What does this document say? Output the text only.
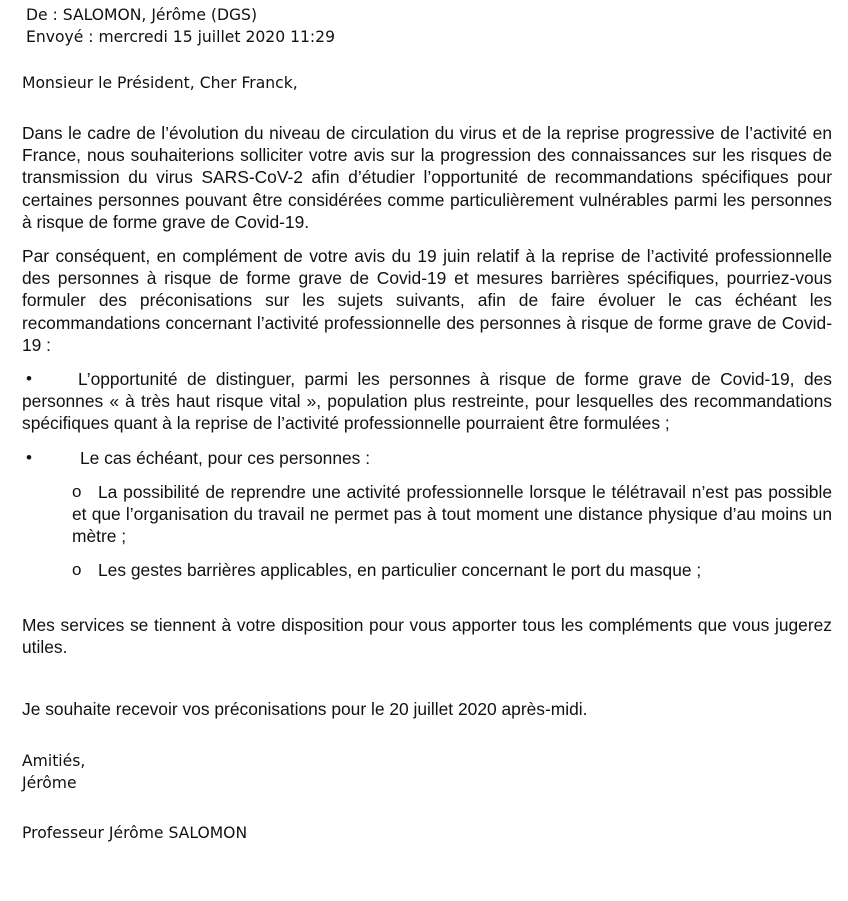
De : SALOMON, Jérôme (DGS)
Envoyé : mercredi 15 juillet 2020 11:29
Monsieur le Président, Cher Franck,

Dans le cadre de l’évolution du niveau de circulation du virus et de la reprise progressive de l’activité en France, nous souhaiterions solliciter votre avis sur la progression des connaissances sur les risques de transmission du virus SARS-CoV-2 afin d’étudier l’opportunité de recommandations spécifiques pour certaines personnes pouvant être considérées comme particulièrement vulnérables parmi les personnes à risque de forme grave de Covid-19.

Par conséquent, en complément de votre avis du 19 juin relatif à la reprise de l’activité professionnelle des personnes à risque de forme grave de Covid-19 et mesures barrières spécifiques, pourriez-vous formuler des préconisations sur les sujets suivants, afin de faire évoluer le cas échéant les recommandations concernant l’activité professionnelle des personnes à risque de forme grave de Covid-19 :

•	L’opportunité de distinguer, parmi les personnes à risque de forme grave de Covid-19, des personnes « à très haut risque vital », population plus restreinte, pour lesquelles des recommandations spécifiques quant à la reprise de l’activité professionnelle pourraient être formulées ;
•	Le cas échéant, pour ces personnes :
o La possibilité de reprendre une activité professionnelle lorsque le télétravail n’est pas possible et que l’organisation du travail ne permet pas à tout moment une distance physique d’au moins un mètre ;
o Les gestes barrières applicables, en particulier concernant le port du masque ;

Mes services se tiennent à votre disposition pour vous apporter tous les compléments que vous jugerez utiles.

Je souhaite recevoir vos préconisations pour le 20 juillet 2020 après-midi.

Amitiés,
Jérôme
Professeur Jérôme SALOMON
